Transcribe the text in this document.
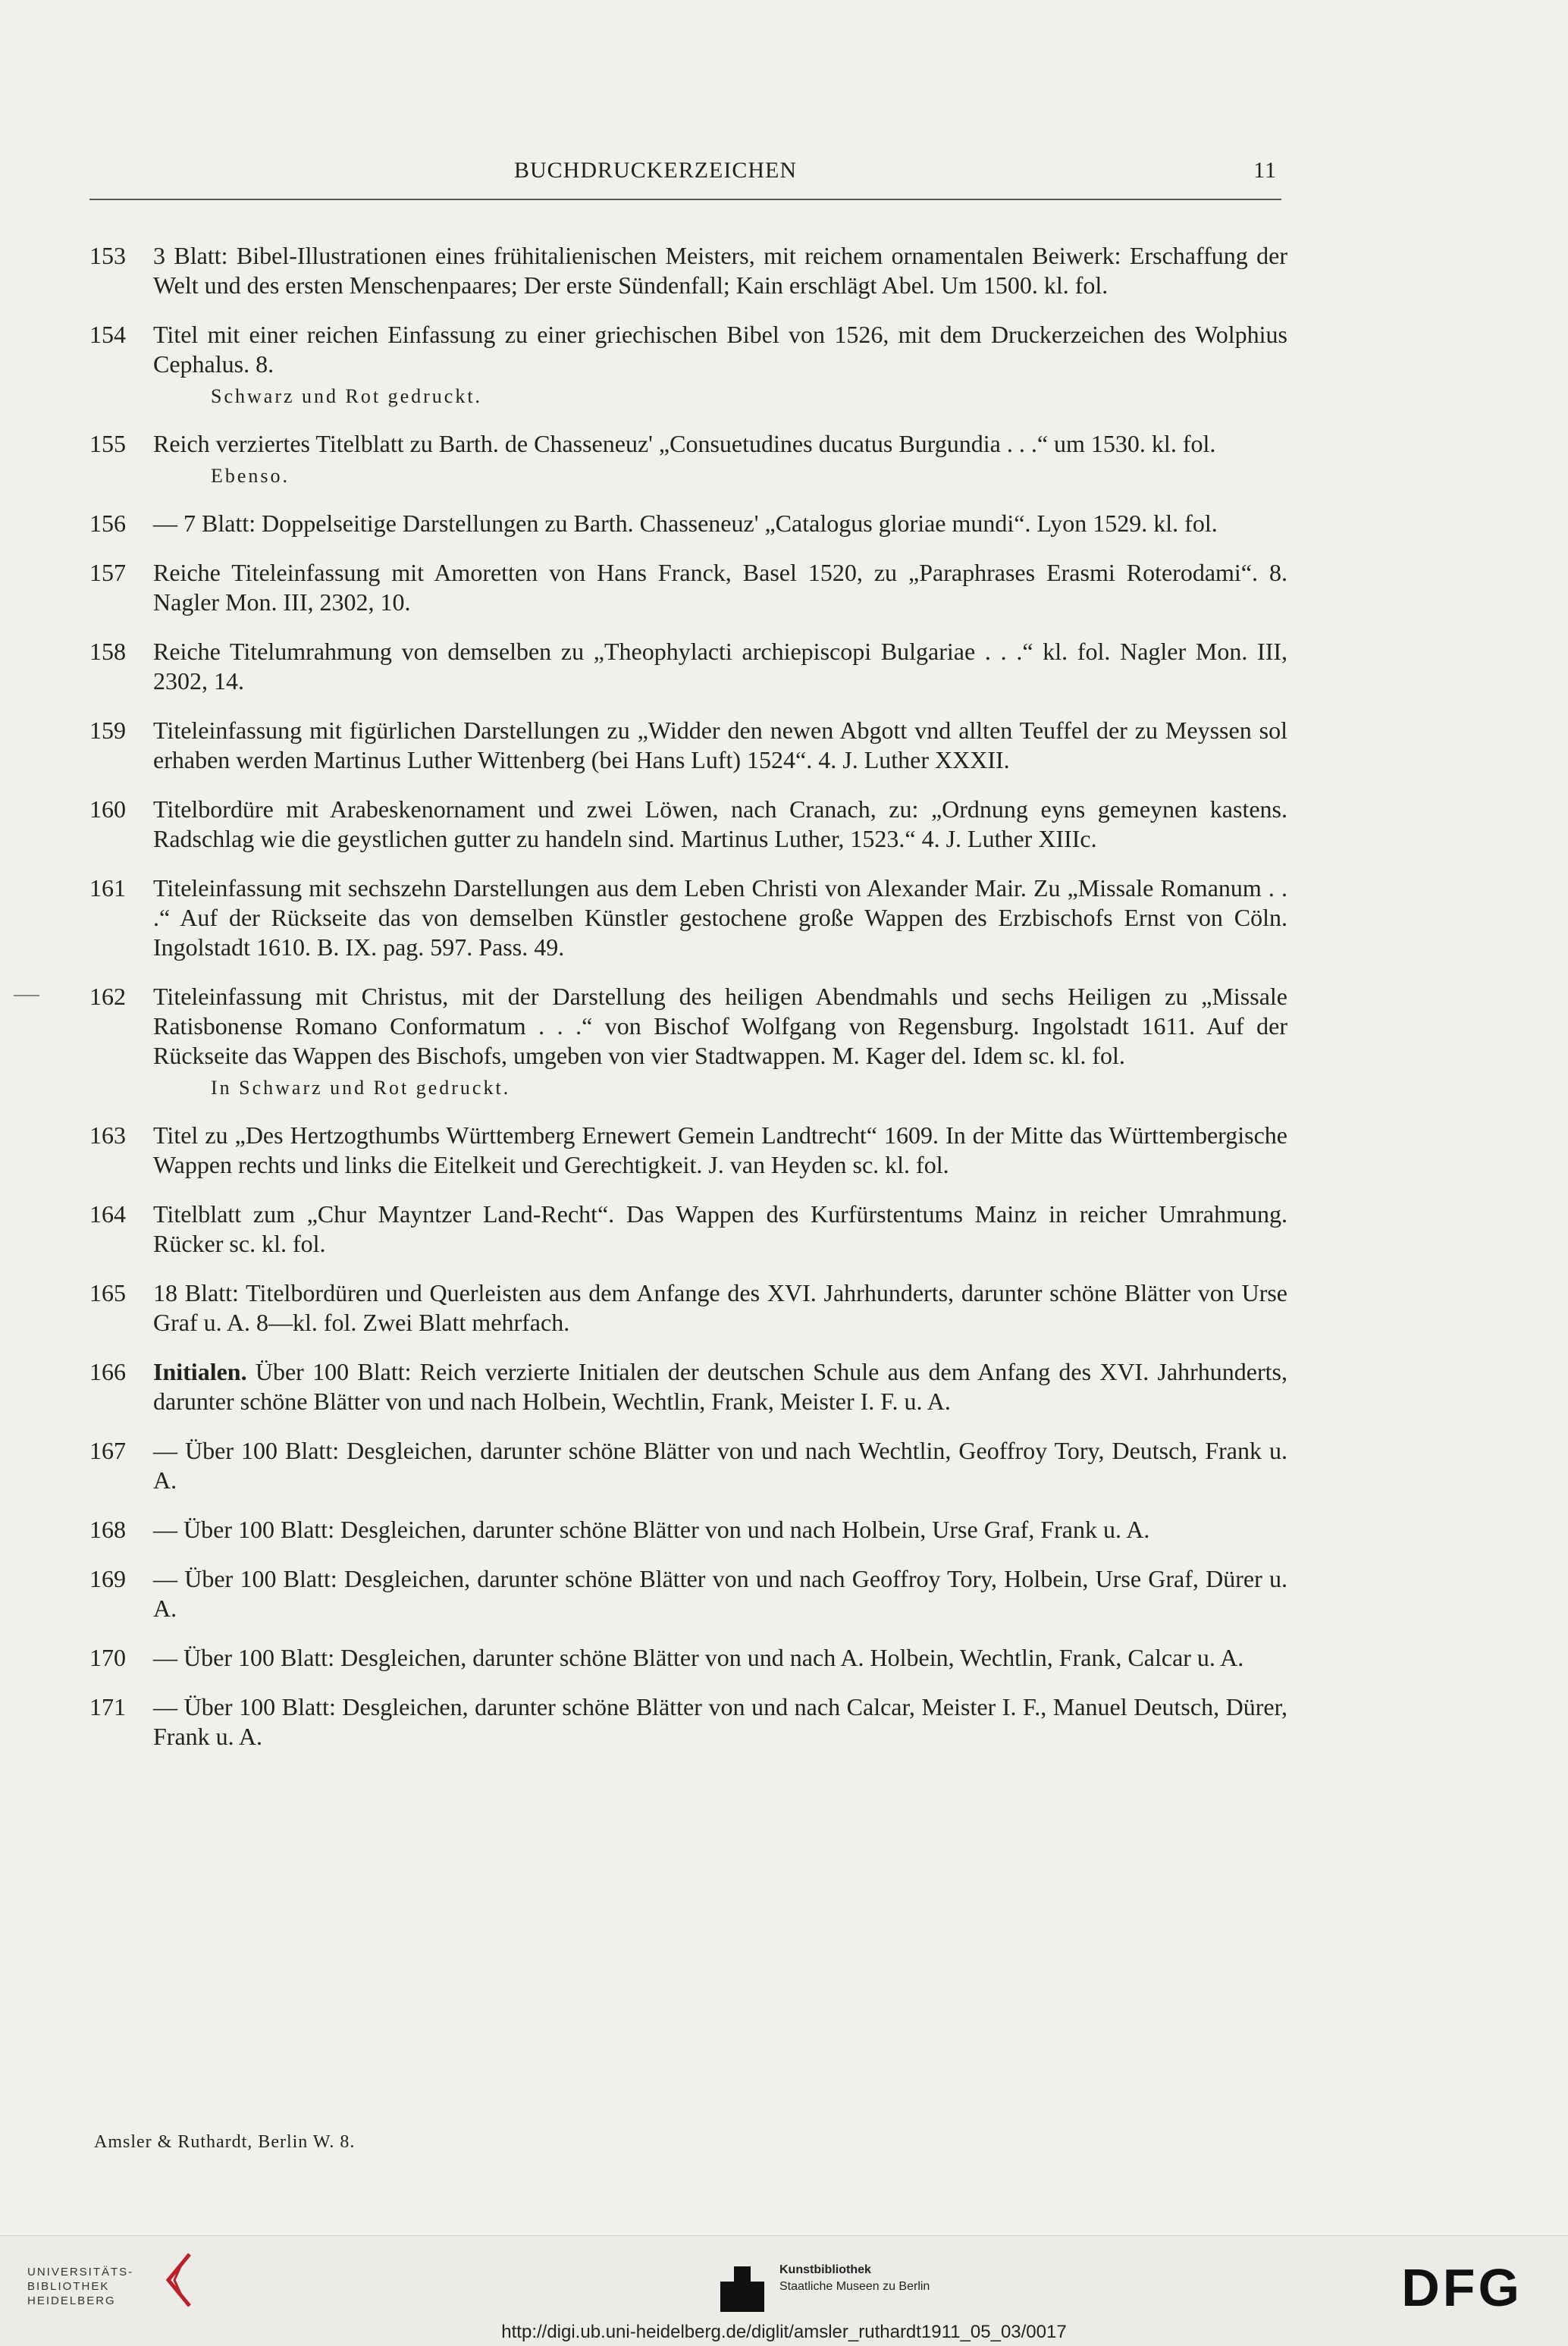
BUCHDRUCKERZEICHEN	11
153	3 Blatt: Bibel-Illustrationen eines frühitalienischen Meisters, mit reichem ornamentalen Beiwerk: Erschaffung der Welt und des ersten Menschenpaares; Der erste Sündenfall; Kain erschlägt Abel. Um 1500. kl. fol.
154	Titel mit einer reichen Einfassung zu einer griechischen Bibel von 1526, mit dem Druckerzeichen des Wolphius Cephalus. 8.
Schwarz und Rot gedruckt.
155	Reich verziertes Titelblatt zu Barth. de Chasseneuz' „Consuetudines ducatus Burgundia . . .“ um 1530. kl. fol.
Ebenso.
156	— 7 Blatt: Doppelseitige Darstellungen zu Barth. Chasseneuz' „Catalogus gloriae mundi“. Lyon 1529. kl. fol.
157	Reiche Titeleinfassung mit Amoretten von Hans Franck, Basel 1520, zu „Paraphrases Erasmi Roterodami“. 8. Nagler Mon. III, 2302, 10.
158	Reiche Titelumrahmung von demselben zu „Theophylacti archiepiscopi Bulgariae . . .“ kl. fol. Nagler Mon. III, 2302, 14.
159	Titeleinfassung mit figürlichen Darstellungen zu „Widder den newen Abgott vnd allten Teuffel der zu Meyssen sol erhaben werden Martinus Luther Wittenberg (bei Hans Luft) 1524“. 4. J. Luther XXXII.
160	Titelbordüre mit Arabeskenornament und zwei Löwen, nach Cranach, zu: „Ordnung eyns gemeynen kastens. Radschlag wie die geystlichen gutter zu handeln sind. Martinus Luther, 1523.“ 4. J. Luther XIIIc.
161	Titeleinfassung mit sechszehn Darstellungen aus dem Leben Christi von Alexander Mair. Zu „Missale Romanum . . .“ Auf der Rückseite das von demselben Künstler gestochene große Wappen des Erzbischofs Ernst von Cöln. Ingolstadt 1610. B. IX. pag. 597. Pass. 49.
162	Titeleinfassung mit Christus, mit der Darstellung des heiligen Abendmahls und sechs Heiligen zu „Missale Ratisbonense Romano Conformatum . . .“ von Bischof Wolfgang von Regensburg. Ingolstadt 1611. Auf der Rückseite das Wappen des Bischofs, umgeben von vier Stadtwappen. M. Kager del. Idem sc. kl. fol.
In Schwarz und Rot gedruckt.
163	Titel zu „Des Hertzogthumbs Württemberg Ernewert Gemein Landtrecht“ 1609. In der Mitte das Württembergische Wappen rechts und links die Eitelkeit und Gerechtigkeit. J. van Heyden sc. kl. fol.
164	Titelblatt zum „Chur Mayntzer Land-Recht“. Das Wappen des Kurfürstentums Mainz in reicher Umrahmung. Rücker sc. kl. fol.
165	18 Blatt: Titelbordüren und Querleisten aus dem Anfange des XVI. Jahrhunderts, darunter schöne Blätter von Urse Graf u. A. 8—kl. fol. Zwei Blatt mehrfach.
166	Initialen. Über 100 Blatt: Reich verzierte Initialen der deutschen Schule aus dem Anfang des XVI. Jahrhunderts, darunter schöne Blätter von und nach Holbein, Wechtlin, Frank, Meister I. F. u. A.
167	— Über 100 Blatt: Desgleichen, darunter schöne Blätter von und nach Wechtlin, Geoffroy Tory, Deutsch, Frank u. A.
168	— Über 100 Blatt: Desgleichen, darunter schöne Blätter von und nach Holbein, Urse Graf, Frank u. A.
169	— Über 100 Blatt: Desgleichen, darunter schöne Blätter von und nach Geoffroy Tory, Holbein, Urse Graf, Dürer u. A.
170	— Über 100 Blatt: Desgleichen, darunter schöne Blätter von und nach A. Holbein, Wechtlin, Frank, Calcar u. A.
171	— Über 100 Blatt: Desgleichen, darunter schöne Blätter von und nach Calcar, Meister I. F., Manuel Deutsch, Dürer, Frank u. A.
Amsler & Ruthardt, Berlin W. 8.
UNIVERSITÄTS-
BIBLIOTHEK
HEIDELBERG
Kunstbibliothek
Staatliche Museen zu Berlin	DFG
http://digi.ub.uni-heidelberg.de/diglit/amsler_ruthardt1911_05_03/0017
